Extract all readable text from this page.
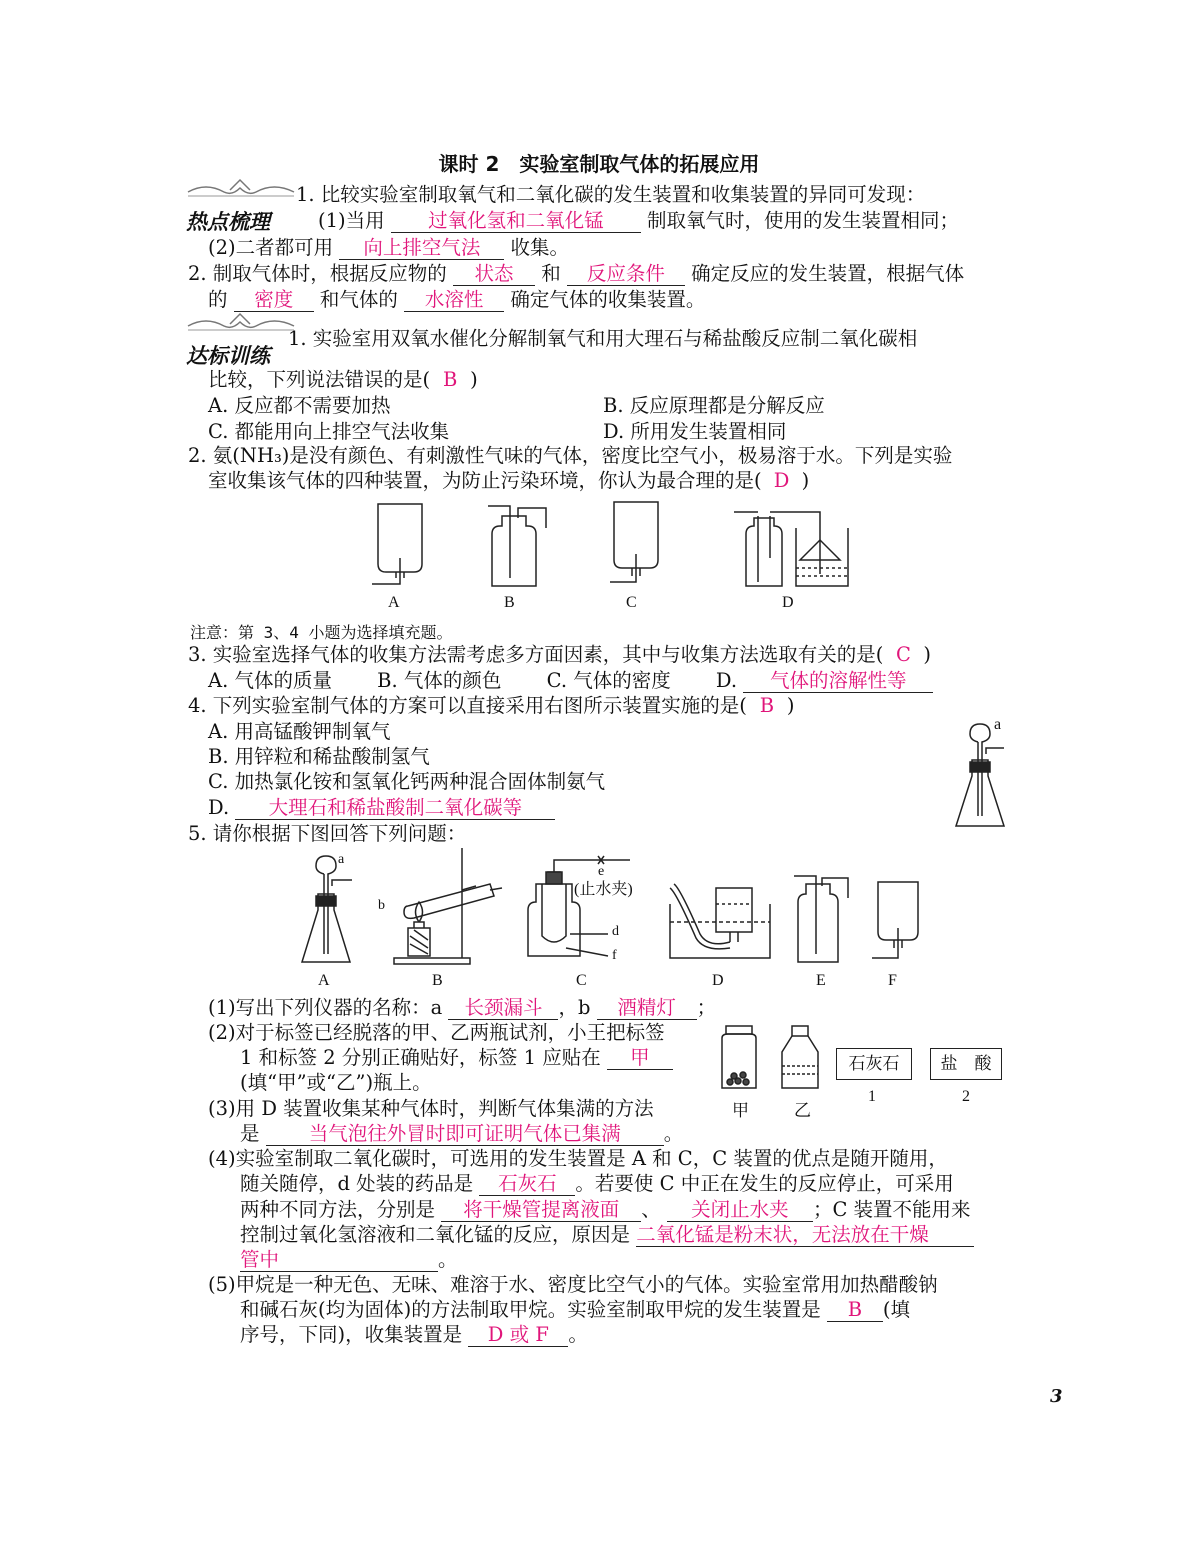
课时 2　实验室制取气体的拓展应用
热点梳理
达标训练
1. 比较实验室制取氧气和二氧化碳的发生装置和收集装置的异同可发现：
(1)当用 过氧化氢和二氧化锰 制取氧气时，使用的发生装置相同；
(2)二者都可用 向上排空气法 收集。
2. 制取气体时，根据反应物的 状态 和 反应条件 确定反应的发生装置，根据气体
的 密度 和气体的 水溶性 确定气体的收集装置。
1. 实验室用双氧水催化分解制氧气和用大理石与稀盐酸反应制二氧化碳相
比较，下列说法错误的是( B )
A. 反应都不需要加热	B. 反应原理都是分解反应
C. 都能用向上排空气法收集	D. 所用发生装置相同
2. 氨(NH₃)是没有颜色、有刺激性气味的气体，密度比空气小，极易溶于水。下列是实验
室收集该气体的四种装置，为防止污染环境，你认为最合理的是( D )
A	B	C	D
注意：第 3、4 小题为选择填充题。
3. 实验室选择气体的收集方法需考虑多方面因素，其中与收集方法选取有关的是( C )
A. 气体的质量　　 B. 气体的颜色　　 C. 气体的密度　　 D. 气体的溶解性等
4. 下列实验室制气体的方案可以直接采用右图所示装置实施的是( B )
A. 用高锰酸钾制氧气
B. 用锌粒和稀盐酸制氢气
C. 加热氯化铵和氢氧化钙两种混合固体制氨气
D. 大理石和稀盐酸制二氧化碳等
a
5. 请你根据下图回答下列问题：
a
b
e
(止水夹)
d
f
A	B	C	D	E	F
(1)写出下列仪器的名称：a 长颈漏斗 ，b 酒精灯 ；
(2)对于标签已经脱落的甲、乙两瓶试剂，小王把标签
1 和标签 2 分别正确贴好，标签 1 应贴在 甲
(填“甲”或“乙”)瓶上。
甲	乙
石灰石	盐　酸
1	2
(3)用 D 装置收集某种气体时，判断气体集满的方法
是	当气泡往外冒时即可证明气体已集满 。
(4)实验室制取二氧化碳时，可选用的发生装置是 A 和 C，C 装置的优点是随开随用，
随关随停，d 处装的药品是 石灰石 。若要使 C 中正在发生的反应停止，可采用
两种不同方法，分别是 将干燥管提离液面 、 关闭止水夹 ；C 装置不能用来
控制过氧化氢溶液和二氧化锰的反应，原因是 二氧化锰是粉末状，无法放在干燥
管中	。
(5)甲烷是一种无色、无味、难溶于水、密度比空气小的气体。实验室常用加热醋酸钠
和碱石灰(均为固体)的方法制取甲烷。实验室制取甲烷的发生装置是 B (填
序号，下同)，收集装置是 D 或 F 。
3
